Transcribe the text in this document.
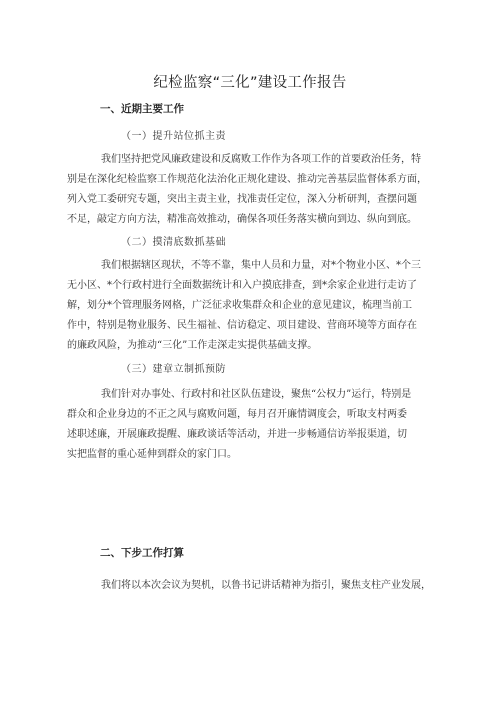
纪检监察“三化”建设工作报告
一、近期主要工作
（一）提升站位抓主责
我们坚持把党风廉政建设和反腐败工作作为各项工作的首要政治任务，特
别是在深化纪检监察工作规范化法治化正规化建设、推动完善基层监督体系方面，
列入党工委研究专题，突出主责主业，找准责任定位，深入分析研判，查摆问题
不足，敲定方向方法，精准高效推动，确保各项任务落实横向到边、纵向到底。
（二）摸清底数抓基础
我们根据辖区现状，不等不靠，集中人员和力量，对*个物业小区、*个三
无小区、*个行政村进行全面数据统计和入户摸底排查，到*余家企业进行走访了
解，划分*个管理服务网格，广泛征求收集群众和企业的意见建议，梳理当前工
作中，特别是物业服务、民生福祉、信访稳定、项目建设、营商环境等方面存在
的廉政风险，为推动“三化”工作走深走实提供基础支撑。
（三）建章立制抓预防
我们针对办事处、行政村和社区队伍建设，聚焦“公权力”运行，特别是
群众和企业身边的不正之风与腐败问题，每月召开廉情调度会，听取支村两委
述职述廉，开展廉政提醒、廉政谈话等活动，并进一步畅通信访举报渠道，切
实把监督的重心延伸到群众的家门口。
二、下步工作打算
我们将以本次会议为契机，以鲁书记讲话精神为指引，聚焦支柱产业发展，
